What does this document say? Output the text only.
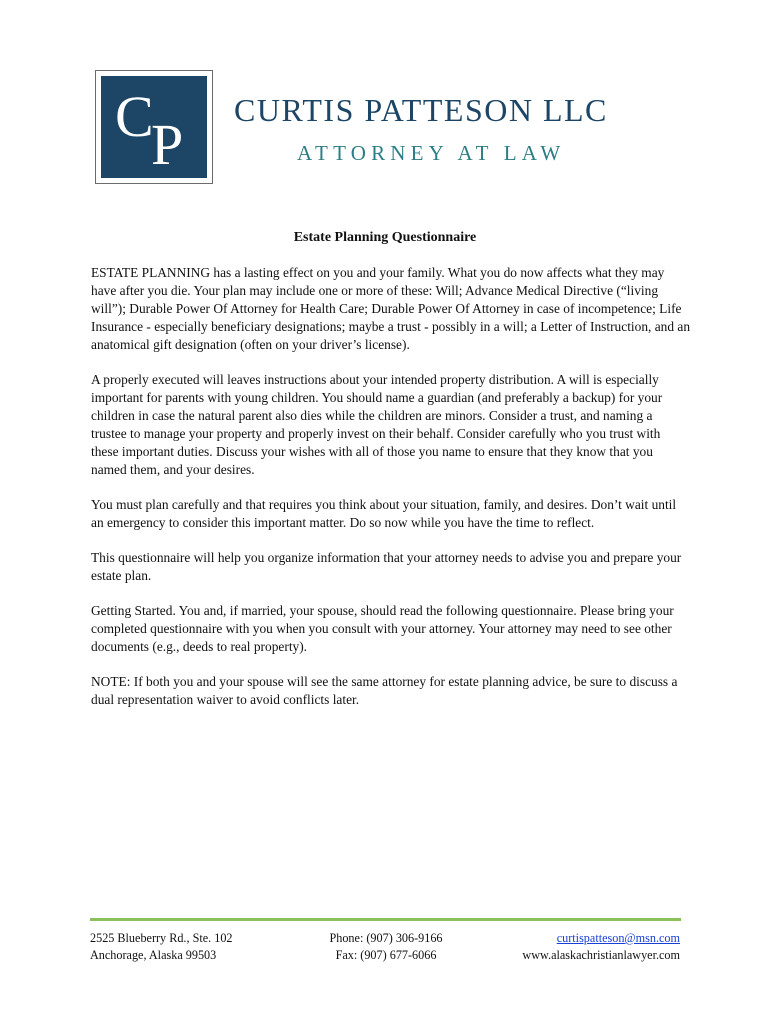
C
P
CURTIS PATTESON LLC
ATTORNEY AT LAW
Estate Planning Questionnaire

ESTATE PLANNING has a lasting effect on you and your family. What you do now affects what they may have after you die. Your plan may include one or more of these: Will; Advance Medical Directive (“living will”); Durable Power Of Attorney for Health Care; Durable Power Of Attorney in case of incompetence; Life Insurance - especially beneficiary designations; maybe a trust - possibly in a will; a Letter of Instruction, and an anatomical gift designation (often on your driver’s license).

A properly executed will leaves instructions about your intended property distribution. A will is especially important for parents with young children. You should name a guardian (and preferably a backup) for your children in case the natural parent also dies while the children are minors. Consider a trust, and naming a trustee to manage your property and properly invest on their behalf. Consider carefully who you trust with these important duties. Discuss your wishes with all of those you name to ensure that they know that you named them, and your desires.

You must plan carefully and that requires you think about your situation, family, and desires. Don’t wait until an emergency to consider this important matter. Do so now while you have the time to reflect.

This questionnaire will help you organize information that your attorney needs to advise you and prepare your estate plan.

Getting Started. You and, if married, your spouse, should read the following questionnaire. Please bring your completed questionnaire with you when you consult with your attorney. Your attorney may need to see other documents (e.g., deeds to real property).

NOTE: If both you and your spouse will see the same attorney for estate planning advice, be sure to discuss a dual representation waiver to avoid conflicts later.

2525 Blueberry Rd., Ste. 102
Anchorage, Alaska 99503
Phone: (907) 306-9166
Fax: (907) 677-6066
curtispatteson@msn.com
www.alaskachristianlawyer.com
